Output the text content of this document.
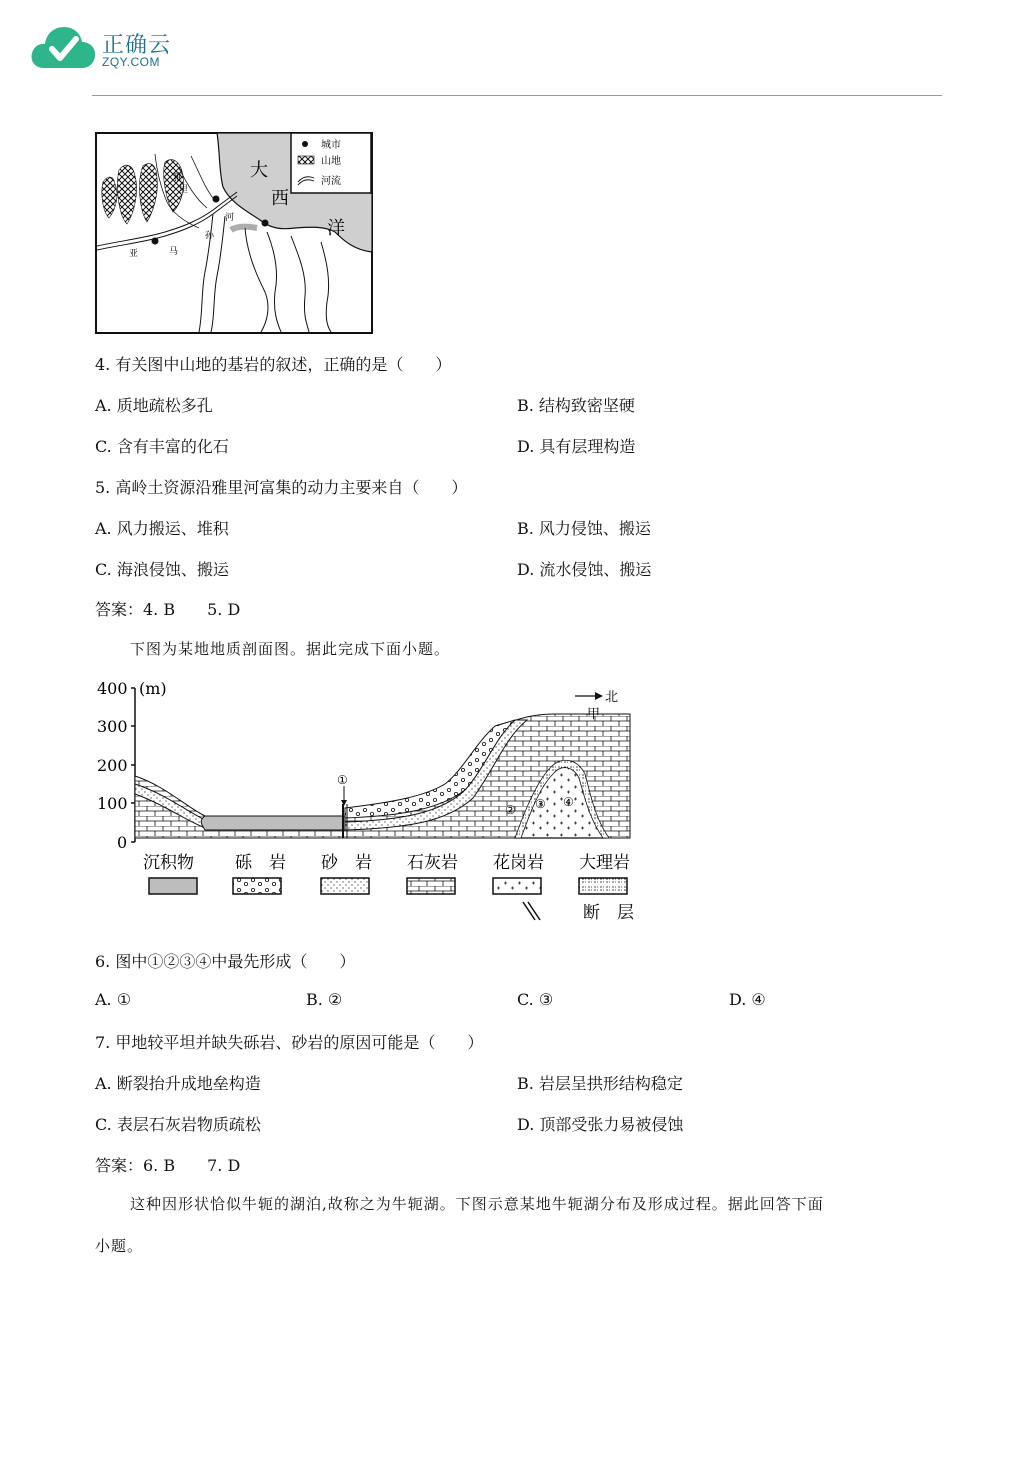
正确云
ZQY.COM
城市
山地
河流
大
西
洋
雅
里
河
孙
亚	马
4. 有关图中山地的基岩的叙述，正确的是（　　）
A. 质地疏松多孔	B. 结构致密坚硬
C. 含有丰富的化石	D. 具有层理构造
5. 高岭土资源沿雅里河富集的动力主要来自（　　）
A. 风力搬运、堆积	B. 风力侵蚀、搬运
C. 海浪侵蚀、搬运	D. 流水侵蚀、搬运
答案：4. B　　5. D
下图为某地地质剖面图。据此完成下面小题。
400
300
200
100
0
(m)
①
② ③ ④
北
甲
沉积物 砾　岩 砂　岩 石灰岩 花岗岩 大理岩
断　层
6. 图中①②③④中最先形成（　　）
A. ①	B. ②	C. ③	D. ④
7. 甲地较平坦并缺失砾岩、砂岩的原因可能是（　　）
A. 断裂抬升成地垒构造	B. 岩层呈拱形结构稳定
C. 表层石灰岩物质疏松	D. 顶部受张力易被侵蚀
答案：6. B　　7. D
这种因形状恰似牛轭的湖泊,故称之为牛轭湖。下图示意某地牛轭湖分布及形成过程。据此回答下面
小题。
